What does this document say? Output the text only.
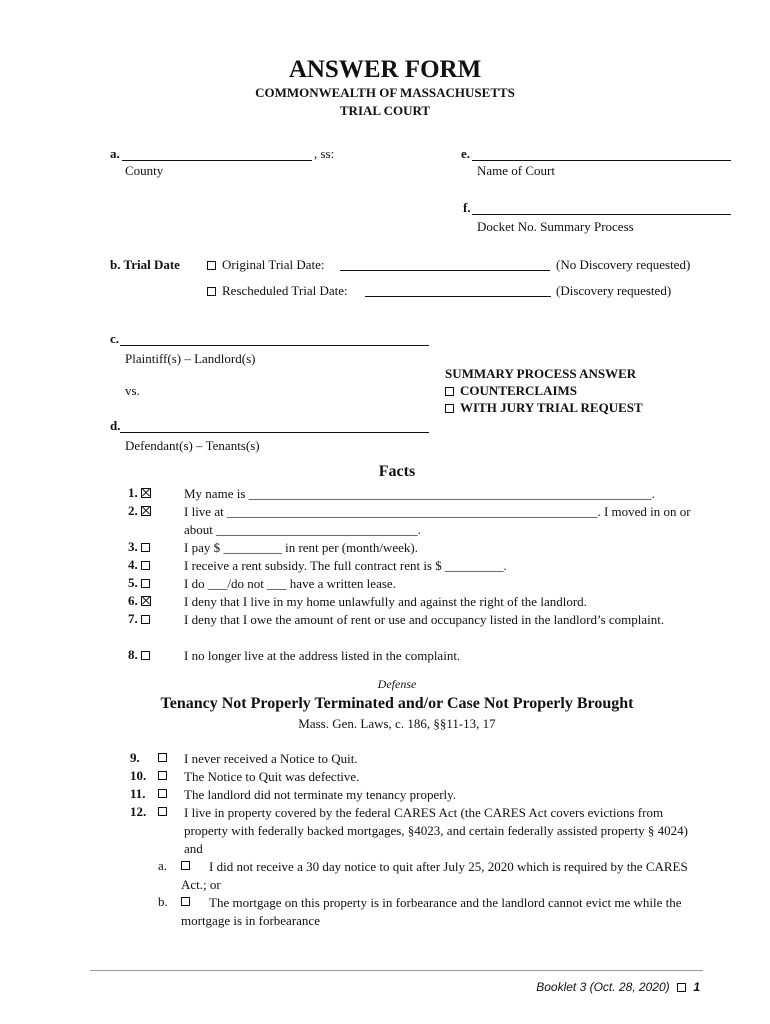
ANSWER FORM
COMMONWEALTH OF MASSACHUSETTS
TRIAL COURT
a.	, ss:
County
e.
Name of Court
f.
Docket No. Summary Process
b. Trial Date	Original Trial Date:	(No Discovery requested)
Rescheduled Trial Date:	(Discovery requested)
c.
Plaintiff(s) – Landlord(s)
vs.
d.
Defendant(s) – Tenants(s)
SUMMARY PROCESS ANSWER
COUNTERCLAIMS
WITH JURY TRIAL REQUEST
Facts
1.	My name is ______________________________________________________________.
2.	I live at _________________________________________________________. I moved in on or about _______________________________.
3.	I pay $ _________ in rent per (month/week).
4.	I receive a rent subsidy. The full contract rent is $ _________.
5.	I do ___/do not ___ have a written lease.
6.	I deny that I live in my home unlawfully and against the right of the landlord.
7.	I deny that I owe the amount of rent or use and occupancy listed in the landlord’s complaint.
8.	I no longer live at the address listed in the complaint.
Defense
Tenancy Not Properly Terminated and/or Case Not Properly Brought
Mass. Gen. Laws, c. 186, §§11-13, 17
9.	I never received a Notice to Quit.
10.	The Notice to Quit was defective.
11.	The landlord did not terminate my tenancy properly.
12.	I live in property covered by the federal CARES Act (the CARES Act covers evictions from property with federally backed mortgages, §4023, and certain federally assisted property § 4024) and
a.	I did not receive a 30 day notice to quit after July 25, 2020 which is required by the CARES Act.; or
b.	The mortgage on this property is in forbearance and the landlord cannot evict me while the mortgage is in forbearance
Booklet 3 (Oct. 28, 2020) 1
